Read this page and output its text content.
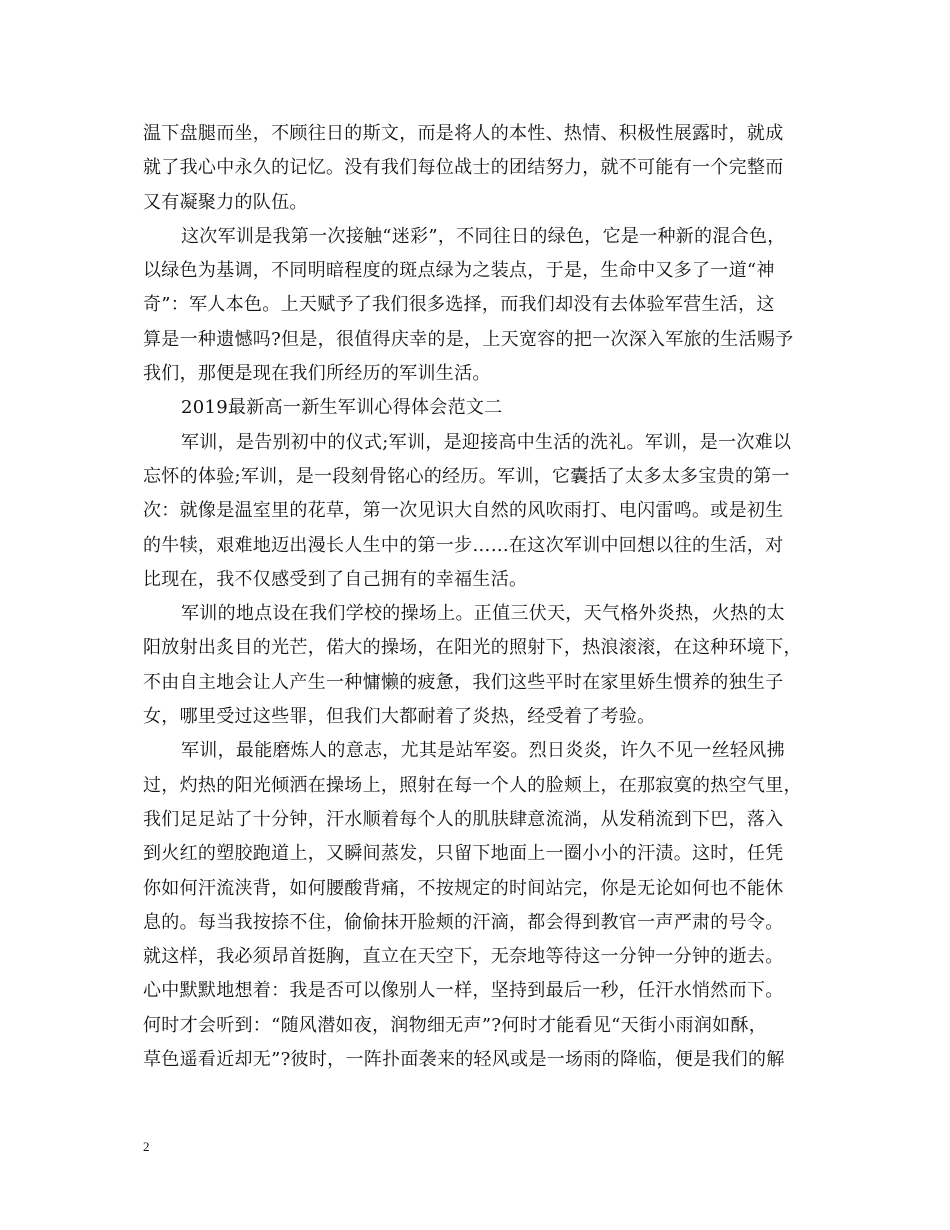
温下盘腿而坐，不顾往日的斯文，而是将人的本性、热情、积极性展露时，就成
就了我心中永久的记忆。没有我们每位战士的团结努力，就不可能有一个完整而
又有凝聚力的队伍。
这次军训是我第一次接触“迷彩”，不同往日的绿色，它是一种新的混合色，
以绿色为基调，不同明暗程度的斑点绿为之装点，于是，生命中又多了一道“神
奇”：军人本色。上天赋予了我们很多选择，而我们却没有去体验军营生活，这
算是一种遗憾吗?但是，很值得庆幸的是，上天宽容的把一次深入军旅的生活赐予
我们，那便是现在我们所经历的军训生活。
2019最新高一新生军训心得体会范文二
军训，是告别初中的仪式;军训，是迎接高中生活的洗礼。军训，是一次难以
忘怀的体验;军训，是一段刻骨铭心的经历。军训，它囊括了太多太多宝贵的第一
次：就像是温室里的花草，第一次见识大自然的风吹雨打、电闪雷鸣。或是初生
的牛犊，艰难地迈出漫长人生中的第一步……在这次军训中回想以往的生活，对
比现在，我不仅感受到了自己拥有的幸福生活。
军训的地点设在我们学校的操场上。正值三伏天，天气格外炎热，火热的太
阳放射出炙目的光芒，偌大的操场，在阳光的照射下，热浪滚滚，在这种环境下，
不由自主地会让人产生一种慵懒的疲惫，我们这些平时在家里娇生惯养的独生子
女，哪里受过这些罪，但我们大都耐着了炎热，经受着了考验。
军训，最能磨炼人的意志，尤其是站军姿。烈日炎炎，许久不见一丝轻风拂
过，灼热的阳光倾洒在操场上，照射在每一个人的脸颊上，在那寂寞的热空气里，
我们足足站了十分钟，汗水顺着每个人的肌肤肆意流淌，从发稍流到下巴，落入
到火红的塑胶跑道上，又瞬间蒸发，只留下地面上一圈小小的汗渍。这时，任凭
你如何汗流浃背，如何腰酸背痛，不按规定的时间站完，你是无论如何也不能休
息的。每当我按捺不住，偷偷抹开脸颊的汗滴，都会得到教官一声严肃的号令。
就这样，我必须昂首挺胸，直立在天空下，无奈地等待这一分钟一分钟的逝去。
心中默默地想着：我是否可以像别人一样，坚持到最后一秒，任汗水悄然而下。
何时才会听到：“随风潜如夜，润物细无声”?何时才能看见“天街小雨润如酥，
草色遥看近却无”?彼时，一阵扑面袭来的轻风或是一场雨的降临，便是我们的解
2
